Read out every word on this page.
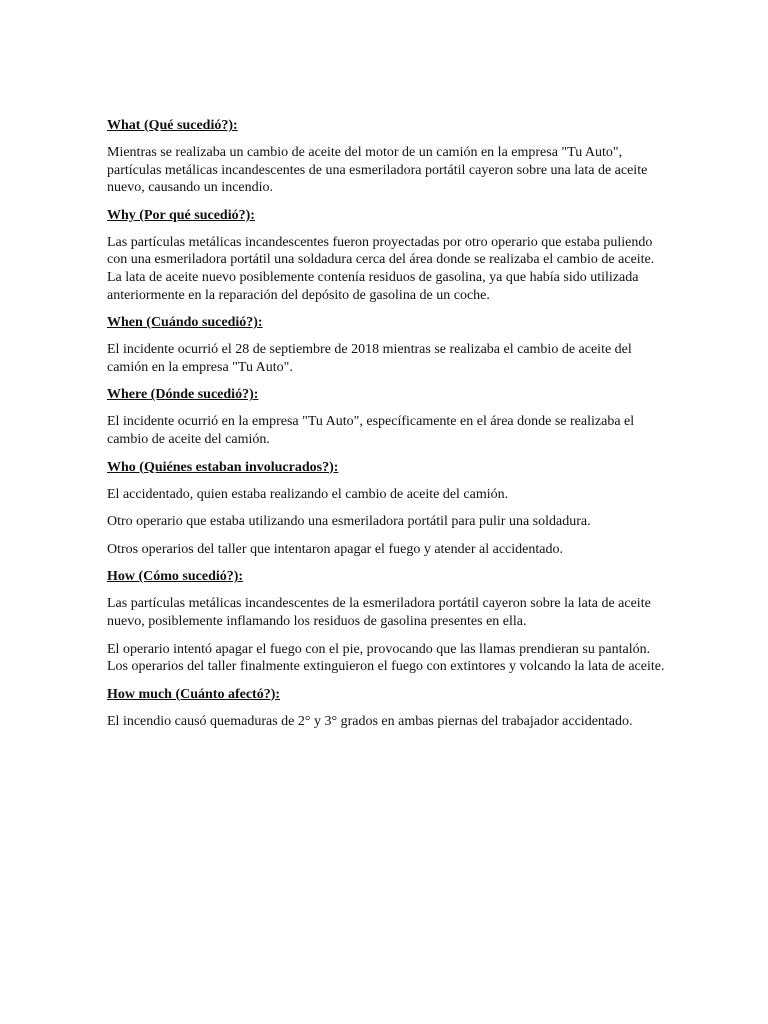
What (Qué sucedió?):

Mientras se realizaba un cambio de aceite del motor de un camión en la empresa "Tu Auto", partículas metálicas incandescentes de una esmeriladora portátil cayeron sobre una lata de aceite nuevo, causando un incendio.

Why (Por qué sucedió?):

Las partículas metálicas incandescentes fueron proyectadas por otro operario que estaba puliendo con una esmeriladora portátil una soldadura cerca del área donde se realizaba el cambio de aceite. La lata de aceite nuevo posiblemente contenía residuos de gasolina, ya que había sido utilizada anteriormente en la reparación del depósito de gasolina de un coche.

When (Cuándo sucedió?):

El incidente ocurrió el 28 de septiembre de 2018 mientras se realizaba el cambio de aceite del camión en la empresa "Tu Auto".

Where (Dónde sucedió?):

El incidente ocurrió en la empresa "Tu Auto", específicamente en el área donde se realizaba el cambio de aceite del camión.

Who (Quiénes estaban involucrados?):

El accidentado, quien estaba realizando el cambio de aceite del camión.

Otro operario que estaba utilizando una esmeriladora portátil para pulir una soldadura.

Otros operarios del taller que intentaron apagar el fuego y atender al accidentado.

How (Cómo sucedió?):

Las partículas metálicas incandescentes de la esmeriladora portátil cayeron sobre la lata de aceite nuevo, posiblemente inflamando los residuos de gasolina presentes en ella.

El operario intentó apagar el fuego con el pie, provocando que las llamas prendieran su pantalón. Los operarios del taller finalmente extinguieron el fuego con extintores y volcando la lata de aceite.

How much (Cuánto afectó?):

El incendio causó quemaduras de 2° y 3° grados en ambas piernas del trabajador accidentado.
